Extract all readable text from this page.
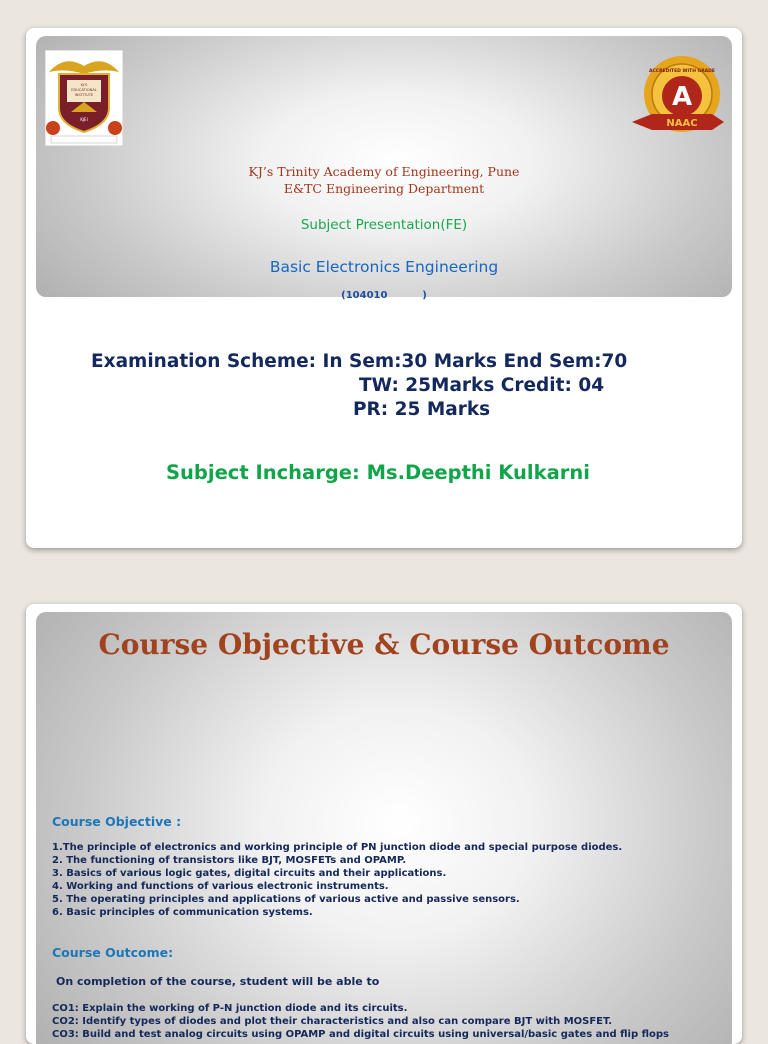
KJ'S
EDUCATIONAL
INSTITUTE
KJEI
A
ACCREDITED WITH GRADE
NAAC
KJ’s Trinity Academy of Engineering, Pune
E&TC Engineering Department
Subject Presentation(FE)
Basic Electronics Engineering
(104010          )
Examination Scheme: In Sem:30 Marks End Sem:70
TW: 25Marks Credit: 04
PR: 25 Marks
Subject Incharge: Ms.Deepthi Kulkarni
Course Objective & Course Outcome
Course Objective :
1.The principle of electronics and working principle of PN junction diode and special purpose diodes.
2. The functioning of transistors like BJT, MOSFETs and OPAMP.
3. Basics of various logic gates, digital circuits and their applications.
4. Working and functions of various electronic instruments.
5. The operating principles and applications of various active and passive sensors.
6. Basic principles of communication systems.
Course Outcome:
On completion of the course, student will be able to
CO1: Explain the working of P-N junction diode and its circuits.
CO2: Identify types of diodes and plot their characteristics and also can compare BJT with MOSFET.
CO3: Build and test analog circuits using OPAMP and digital circuits using universal/basic gates and flip flops
